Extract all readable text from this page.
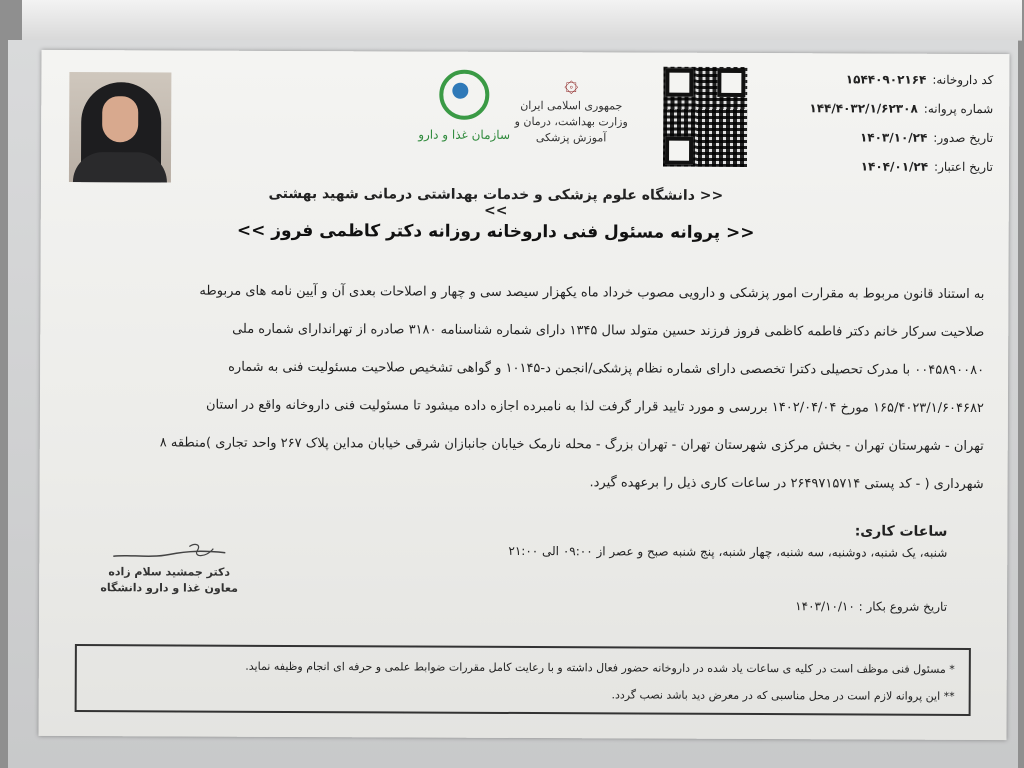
سازمان غذا و دارو
۞
جمهوری اسلامی ایران
وزارت بهداشت، درمان و آموزش پزشکی
کد داروخانه:۱۵۴۴۰۹۰۲۱۶۴
شماره پروانه:۱۴۴/۴۰۳۲/۱/۶۲۳۰۸
تاریخ صدور:۱۴۰۳/۱۰/۲۴
تاریخ اعتبار:۱۴۰۴/۰۱/۲۴
<< دانشگاه علوم پزشکی و خدمات بهداشتی درمانی شهید بهشتی >>
<< پروانه مسئول فنی داروخانه روزانه دکتر کاظمی فروز >>

به استناد قانون مربوط به مقرارت امور پزشکی و دارویی مصوب خرداد ماه یکهزار سیصد سی و چهار و اصلاحات بعدی آن و آیین نامه های مربوطه

صلاحیت سرکار خانم دکتر فاطمه کاظمی فروز فرزند حسین متولد سال ۱۳۴۵ دارای شماره شناسنامه ۳۱۸۰ صادره از تهراندارای شماره ملی

۰۰۴۵۸۹۰۰۸۰ با مدرک تحصیلی دکترا تخصصی دارای شماره نظام پزشکی/انجمن د-۱۰۱۴۵ و گواهی تشخیص صلاحیت مسئولیت فنی به شماره

۱۶۵/۴۰۲۳/۱/۶۰۴۶۸۲ مورخ ۱۴۰۲/۰۴/۰۴ بررسی و مورد تایید قرار گرفت لذا به نامبرده اجازه داده میشود تا مسئولیت فنی داروخانه واقع در استان

تهران - شهرستان تهران - بخش مرکزی شهرستان تهران - تهران بزرگ - محله نارمک خیابان جانبازان شرقی خیابان مداین پلاک ۲۶۷ واحد تجاری )منطقه ۸

شهرداری ( - کد پستی ۲۶۴۹۷۱۵۷۱۴ در ساعات کاری ذیل را برعهده گیرد.

ساعات کاری:
شنبه، یک شنبه، دوشنبه، سه شنبه، چهار شنبه، پنج شنبه صبح و عصر از ۰۹:۰۰ الی ۲۱:۰۰
تاریخ شروع بکار : ۱۴۰۳/۱۰/۱۰
دکتر جمشید سلام زاده
معاون غذا و دارو دانشگاه
* مسئول فنی موظف است در کلیه ی ساعات یاد شده در داروخانه حضور فعال داشته و با رعایت کامل مقررات ضوابط علمی و حرفه ای انجام وظیفه نماید.
** این پروانه لازم است در محل مناسبی که در معرض دید باشد نصب گردد.
